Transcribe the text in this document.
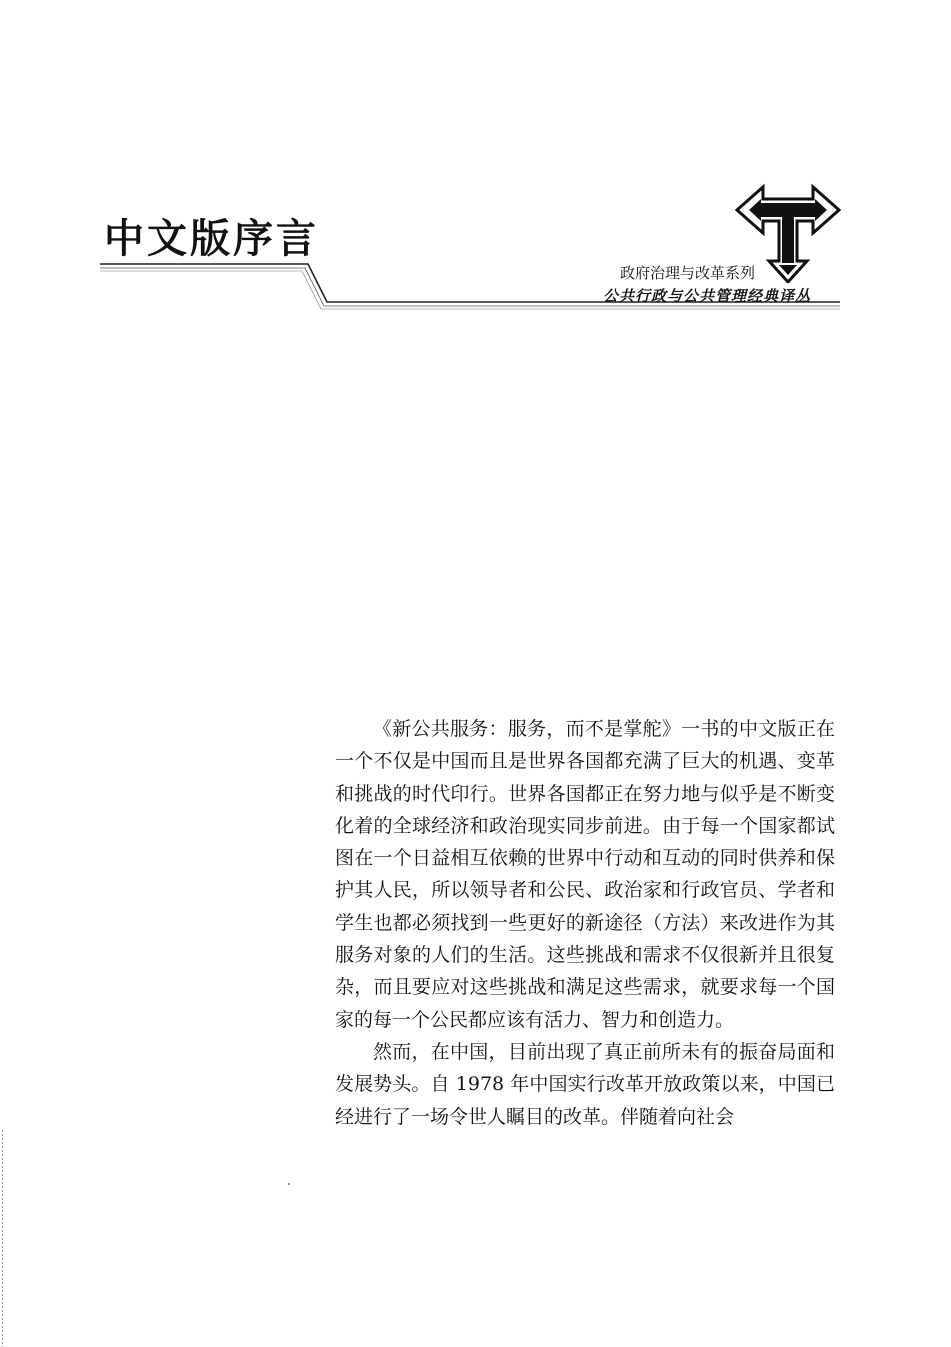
中文版序言
政府治理与改革系列
公共行政与公共管理经典译丛

《新公共服务：服务，而不是掌舵》一书的中文版正在一个不仅是中国而且是世界各国都充满了巨大的机遇、变革和挑战的时代印行。世界各国都正在努力地与似乎是不断变化着的全球经济和政治现实同步前进。由于每一个国家都试图在一个日益相互依赖的世界中行动和互动的同时供养和保护其人民，所以领导者和公民、政治家和行政官员、学者和学生也都必须找到一些更好的新途径（方法）来改进作为其服务对象的人们的生活。这些挑战和需求不仅很新并且很复杂，而且要应对这些挑战和满足这些需求，就要求每一个国家的每一个公民都应该有活力、智力和创造力。

然而，在中国，目前出现了真正前所未有的振奋局面和发展势头。自 1978 年中国实行改革开放政策以来，中国已经进行了一场令世人瞩目的改革。伴随着向社会
